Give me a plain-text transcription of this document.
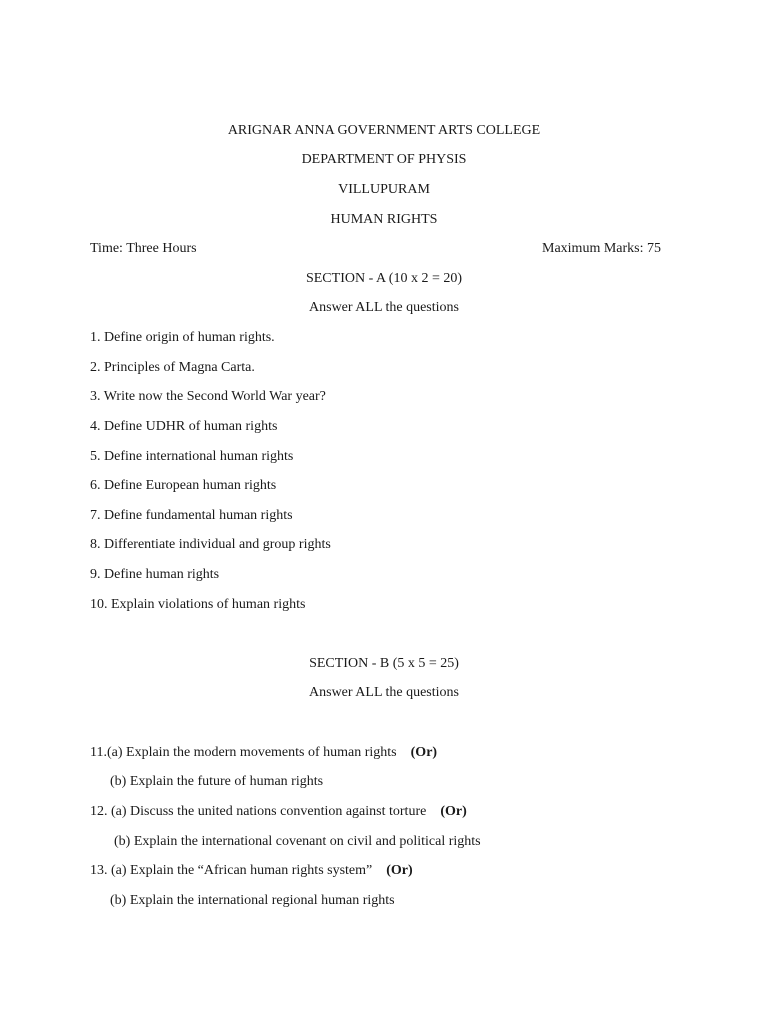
ARIGNAR ANNA GOVERNMENT ARTS COLLEGE
DEPARTMENT OF PHYSIS
VILLUPURAM
HUMAN RIGHTS
Time: Three Hours	Maximum Marks: 75
SECTION - A (10 x 2 = 20)
Answer ALL the questions
1. Define origin of human rights.
2. Principles of Magna Carta.
3. Write now the Second World War year?
4. Define UDHR of human rights
5. Define international human rights
6. Define European human rights
7. Define fundamental human rights
8. Differentiate individual and group rights
9. Define human rights
10. Explain violations of human rights
SECTION - B (5 x 5 = 25)
Answer ALL the questions
11.(a) Explain the modern movements of human rights (Or)
(b) Explain the future of human rights
12. (a) Discuss the united nations convention against torture (Or)
(b) Explain the international covenant on civil and political rights
13. (a) Explain the “African human rights system” (Or)
(b) Explain the international regional human rights
